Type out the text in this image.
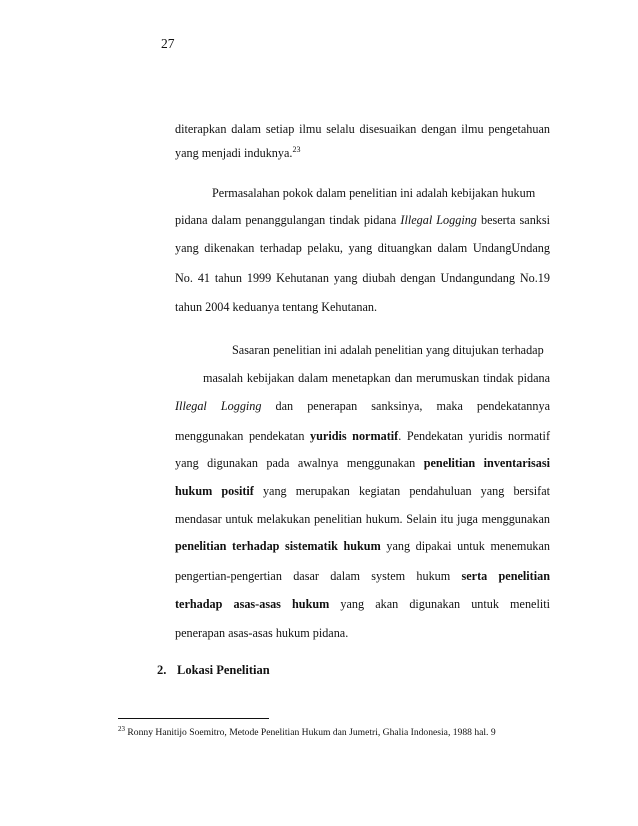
27
diterapkan dalam setiap ilmu selalu disesuaikan dengan ilmu pengetahuan
yang menjadi induknya.$^{23}$
Permasalahan pokok dalam penelitian ini adalah kebijakan hukum
pidana dalam penanggulangan tindak pidana Illegal Logging beserta sanksi
yang dikenakan terhadap pelaku, yang dituangkan dalam UndangUndang
No. 41 tahun 1999 Kehutanan yang diubah dengan Undangundang No.19
tahun 2004 keduanya tentang Kehutanan.
Sasaran penelitian ini adalah penelitian yang ditujukan terhadap
masalah kebijakan dalam menetapkan dan merumuskan tindak pidana
Illegal Logging dan penerapan sanksinya, maka pendekatannya
menggunakan pendekatan yuridis normatif. Pendekatan yuridis normatif
yang digunakan pada awalnya menggunakan penelitian inventarisasi
hukum positif yang merupakan kegiatan pendahuluan yang bersifat
mendasar untuk melakukan penelitian hukum. Selain itu juga menggunakan
penelitian terhadap sistematik hukum yang dipakai untuk menemukan
pengertian-pengertian dasar dalam system hukum serta penelitian
terhadap asas-asas hukum yang akan digunakan untuk meneliti
penerapan asas-asas hukum pidana.
2. Lokasi Penelitian
$^{23}$ Ronny Hanitijo Soemitro, Metode Penelitian Hukum dan Jumetri, Ghalia Indonesia, 1988 hal. 9
